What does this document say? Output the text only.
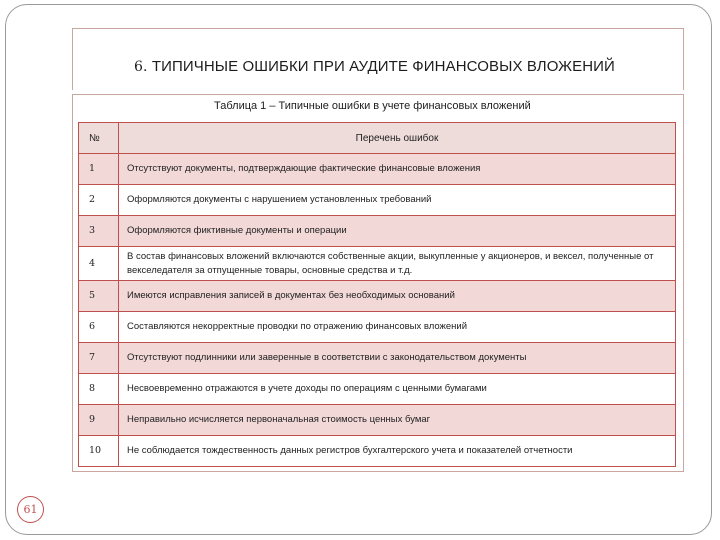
6. ТИПИЧНЫЕ ОШИБКИ ПРИ АУДИТЕ ФИНАНСОВЫХ ВЛОЖЕНИЙ
Таблица 1 – Типичные ошибки в учете финансовых вложений
№	Перечень ошибок
1	Отсутствуют документы, подтверждающие фактические финансовые вложения
2	Оформляются документы с нарушением установленных требований
3	Оформляются фиктивные документы и операции
4	В состав финансовых вложений включаются собственные акции, выкупленные у акционеров, и вексел, полученные от векселедателя за отпущенные товары, основные средства и т.д.
5	Имеются исправления записей в документах без необходимых оснований
6	Составляются некорректные проводки по отражению финансовых вложений
7	Отсутствуют подлинники или заверенные в соответствии с законодательством документы
8	Несвоевременно отражаются в учете доходы по операциям с ценными бумагами
9	Неправильно исчисляется первоначальная стоимость ценных бумаг
10	Не соблюдается тождественность данных регистров бухгалтерского учета и показателей отчетности
61
